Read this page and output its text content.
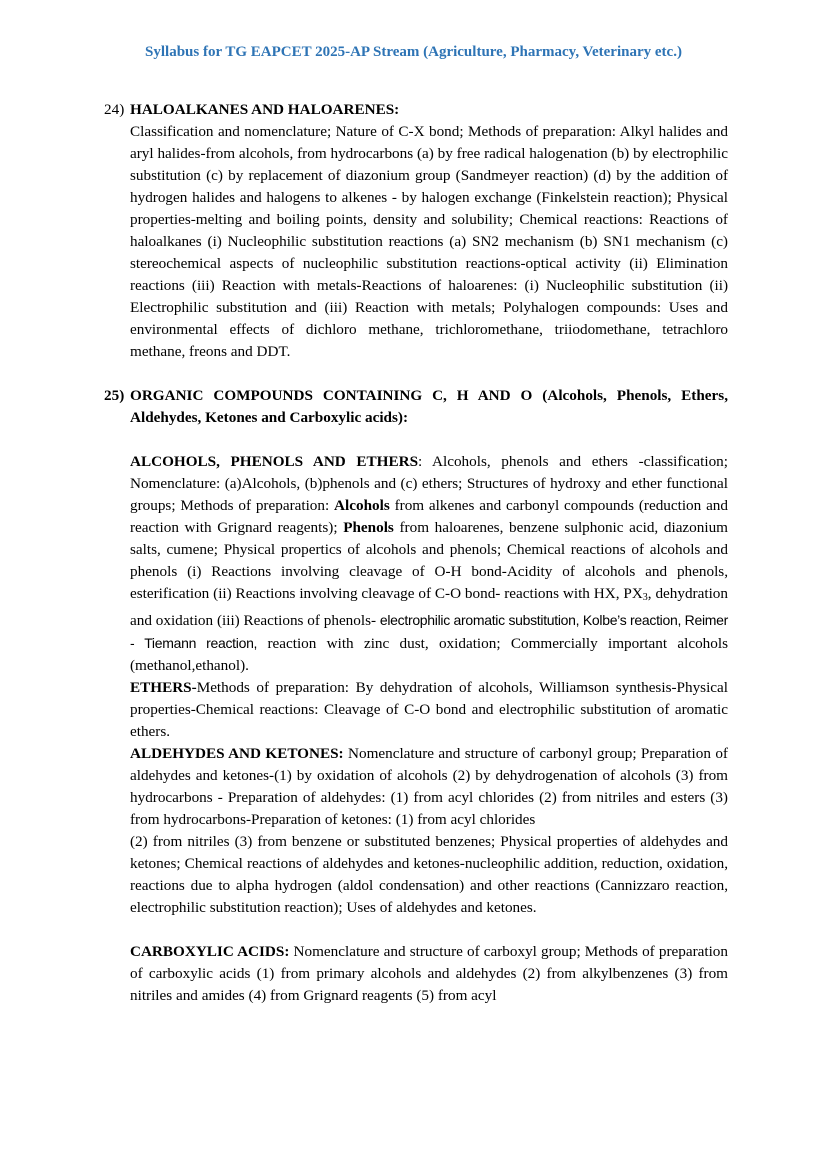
Syllabus for TG EAPCET 2025-AP Stream (Agriculture, Pharmacy, Veterinary etc.)
24) HALOALKANES AND HALOARENES:

Classification and nomenclature; Nature of C-X bond; Methods of preparation: Alkyl halides and aryl halides-from alcohols, from hydrocarbons (a) by free radical halogenation (b) by electrophilic substitution (c) by replacement of diazonium group (Sandmeyer reaction) (d) by the addition of hydrogen halides and halogens to alkenes - by halogen exchange (Finkelstein reaction); Physical properties-melting and boiling points, density and solubility; Chemical reactions: Reactions of haloalkanes (i) Nucleophilic substitution reactions (a) SN2 mechanism (b) SN1 mechanism (c) stereochemical aspects of nucleophilic substitution reactions-optical activity (ii) Elimination reactions (iii) Reaction with metals-Reactions of haloarenes: (i) Nucleophilic substitution (ii) Electrophilic substitution and (iii) Reaction with metals; Polyhalogen compounds: Uses and environmental effects of dichloro methane, trichloromethane, triiodomethane, tetrachloro methane, freons and DDT.

25) ORGANIC COMPOUNDS CONTAINING C, H AND O (Alcohols, Phenols, Ethers, Aldehydes, Ketones and Carboxylic acids):

ALCOHOLS, PHENOLS AND ETHERS: Alcohols, phenols and ethers -classification; Nomenclature: (a)Alcohols, (b)phenols and (c) ethers; Structures of hydroxy and ether functional groups; Methods of preparation: Alcohols from alkenes and carbonyl compounds (reduction and reaction with Grignard reagents); Phenols from haloarenes, benzene sulphonic acid, diazonium salts, cumene; Physical propertics of alcohols and phenols; Chemical reactions of alcohols and phenols (i) Reactions involving cleavage of O-H bond-Acidity of alcohols and phenols, esterification (ii) Reactions involving cleavage of C-O bond- reactions with HX, $PX_3$, dehydration and oxidation (iii) Reactions of phenols- electrophilic aromatic substitution, Kolbe’s reaction, Reimer - Tiemann reaction, reaction with zinc dust, oxidation; Commercially important alcohols (methanol,ethanol).

ETHERS-Methods of preparation: By dehydration of alcohols, Williamson synthesis-Physical properties-Chemical reactions: Cleavage of C-O bond and electrophilic substitution of aromatic ethers.

ALDEHYDES AND KETONES: Nomenclature and structure of carbonyl group; Preparation of aldehydes and ketones-(1) by oxidation of alcohols (2) by dehydrogenation of alcohols (3) from hydrocarbons - Preparation of aldehydes: (1) from acyl chlorides (2) from nitriles and esters (3) from hydrocarbons-Preparation of ketones: (1) from acyl chlorides

(2) from nitriles (3) from benzene or substituted benzenes; Physical properties of aldehydes and ketones; Chemical reactions of aldehydes and ketones-nucleophilic addition, reduction, oxidation, reactions due to alpha hydrogen (aldol condensation) and other reactions (Cannizzaro reaction, electrophilic substitution reaction); Uses of aldehydes and ketones.

CARBOXYLIC ACIDS: Nomenclature and structure of carboxyl group; Methods of preparation of carboxylic acids (1) from primary alcohols and aldehydes (2) from alkylbenzenes (3) from nitriles and amides (4) from Grignard reagents (5) from acyl
